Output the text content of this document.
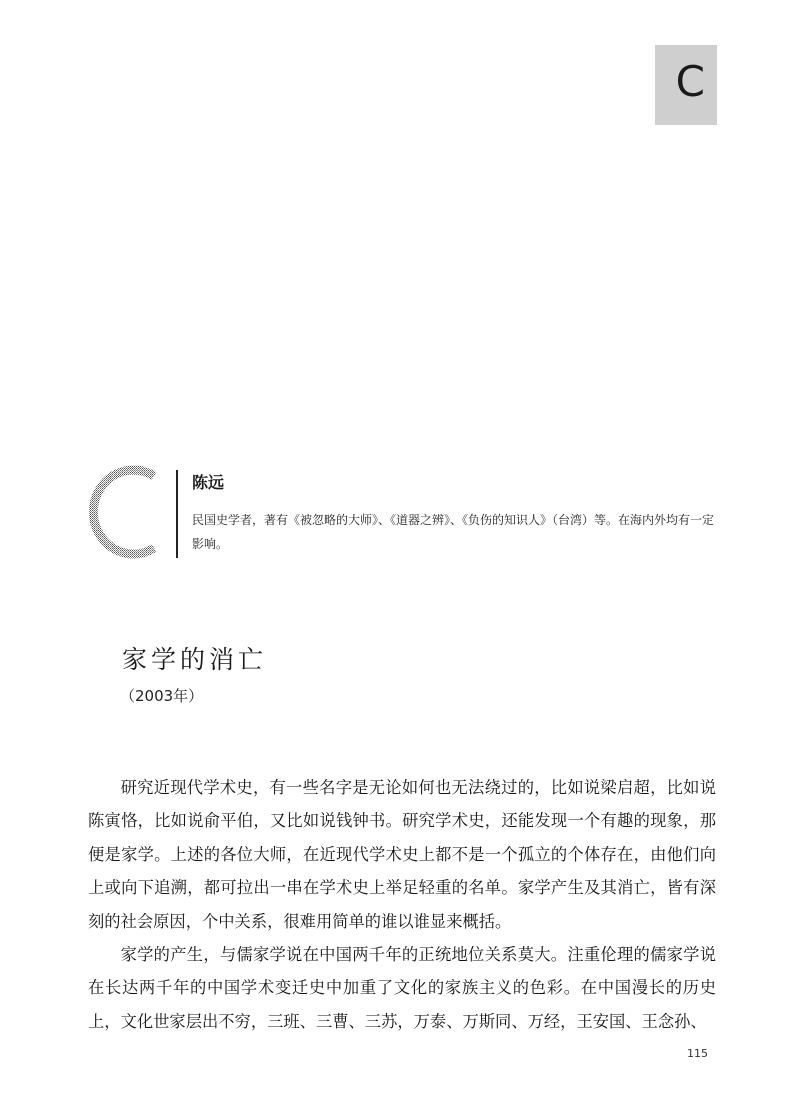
C
陈远
民国史学者，著有《被忽略的大师》、《道器之辨》、《负伤的知识人》（台湾）等。在海内外均有一定影响。
家学的消亡
（2003年）

研究近现代学术史，有一些名字是无论如何也无法绕过的，比如说梁启超，比如说陈寅恪，比如说俞平伯，又比如说钱钟书。研究学术史，还能发现一个有趣的现象，那便是家学。上述的各位大师，在近现代学术史上都不是一个孤立的个体存在，由他们向上或向下追溯，都可拉出一串在学术史上举足轻重的名单。家学产生及其消亡，皆有深刻的社会原因，个中关系，很难用简单的谁以谁显来概括。

家学的产生，与儒家学说在中国两千年的正统地位关系莫大。注重伦理的儒家学说在长达两千年的中国学术变迁史中加重了文化的家族主义的色彩。在中国漫长的历史上，文化世家层出不穷，三班、三曹、三苏，万泰、万斯同、万经，王安国、王念孙、

115
